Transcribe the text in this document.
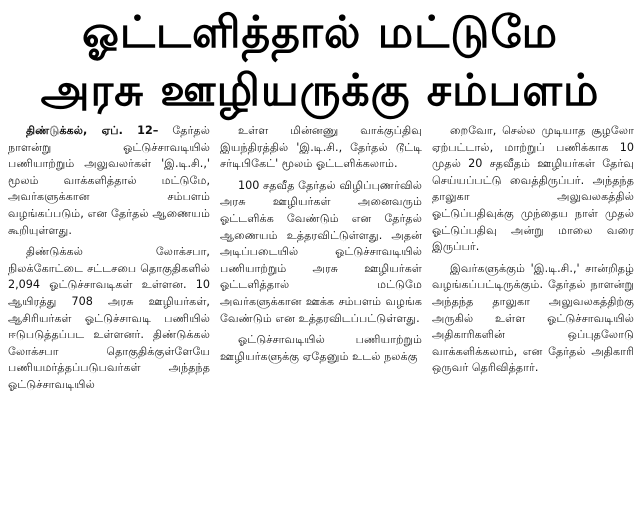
ஓட்டளித்தால் மட்டுமே
அரசு ஊழியருக்கு சம்பளம்

திண்டுக்கல், ஏப். 12– தேர்தல் நாளன்று ஓட்டுச்சாவடியில் பணியாற்றும் அலுவலர்கள் 'இ.டி.சி.,' மூலம் வாக்களித்தால் மட்டுமே, அவர்களுக்கான சம்பளம் வழங்கப்படும், என தேர்தல் ஆணையம் கூறியுள்ளது.

திண்டுக்கல் லோக்சபா, நிலக்கோட்டை சட்டசபை தொகுதிகளில் 2,094 ஓட்டுச்சாவடிகள் உள்ளன. 10 ஆயிரத்து 708 அரசு ஊழியர்கள், ஆசிரியர்கள் ஓட்டுச்சாவடி பணியில் ஈடுபடுத்தப்பட உள்ளனர். திண்டுக்கல் லோக்சபா தொகுதிக்குள்ளேயே பணியமர்த்தப்படுபவர்கள் அந்தந்த ஓட்டுச்சாவடியில்

உள்ள மின்னணு வாக்குப்திவு இயந்திரத்தில் 'இ.டி.சி., தேர்தல் டூட்டி சர்டிபிகேட்' மூலம் ஓட்டளிக்கலாம்.

100 சதவீத தேர்தல் விழிப்புணர்வில் அரசு ஊழியர்கள் அனைவரும் ஓட்டளிக்க வேண்டும் என தேர்தல் ஆணையம் உத்தரவிட்டுள்ளது. அதன் அடிப்படையில் ஓட்டுச்சாவடியில் பணியாற்றும் அரசு ஊழியர்கள் ஓட்டளித்தால் மட்டுமே அவர்களுக்கான ஊக்க சம்பளம் வழங்க வேண்டும் என உத்தரவிடப்பட்டுள்ளது.

ஓட்டுச்சாவடியில் பணியாற்றும் ஊழியர்களுக்கு ஏதேனும் உடல் நலக்கு

றைவோ, செல்ல முடியாத சூழலோ ஏற்பட்டால், மாற்றுப் பணிக்காக 10 முதல் 20 சதவீதம் ஊழியர்கள் தேர்வு செய்யப்பட்டு வைத்திருப்பர். அந்தந்த தாலுகா அலுவலகத்தில் ஓட்டுப்பதிவுக்கு முந்தைய நாள் முதல் ஓட்டுப்பதிவு அன்று மாலை வரை இருப்பர்.

இவர்களுக்கும் 'இ.டி.சி.,' சான்றிதழ் வழங்கப்பட்டிருக்கும். தேர்தல் நாளன்று அந்தந்த தாலுகா அலுவலகத்திற்கு அருகில் உள்ள ஓட்டுச்சாவடியில் அதிகாரிகளின் ஒப்புதலோடு வாக்களிக்கலாம், என தேர்தல் அதிகாரி ஒருவர் தெரிவித்தார்.
